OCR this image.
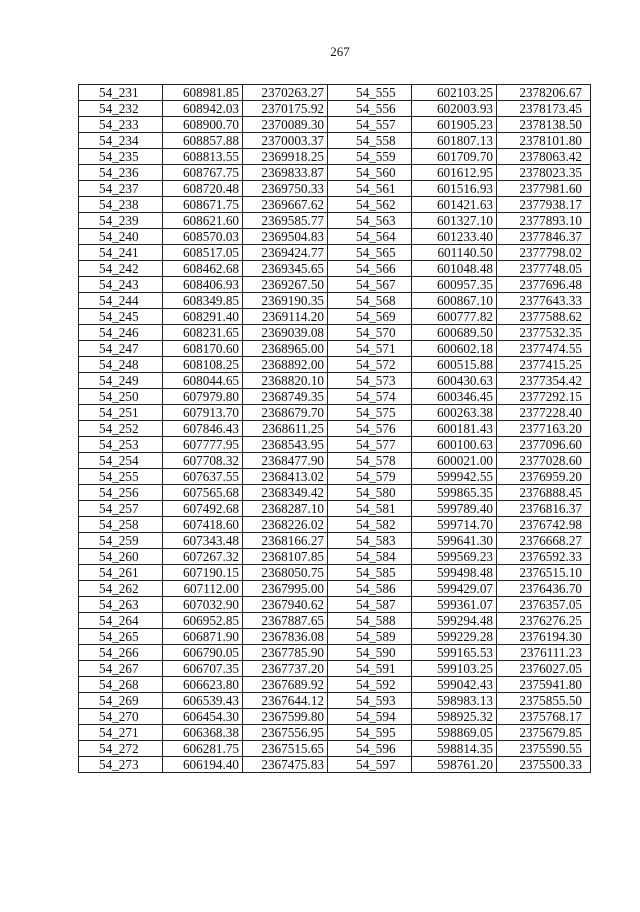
267
54_231	608981.85	2370263.27	54_555	602103.25	2378206.67
54_232	608942.03	2370175.92	54_556	602003.93	2378173.45
54_233	608900.70	2370089.30	54_557	601905.23	2378138.50
54_234	608857.88	2370003.37	54_558	601807.13	2378101.80
54_235	608813.55	2369918.25	54_559	601709.70	2378063.42
54_236	608767.75	2369833.87	54_560	601612.95	2378023.35
54_237	608720.48	2369750.33	54_561	601516.93	2377981.60
54_238	608671.75	2369667.62	54_562	601421.63	2377938.17
54_239	608621.60	2369585.77	54_563	601327.10	2377893.10
54_240	608570.03	2369504.83	54_564	601233.40	2377846.37
54_241	608517.05	2369424.77	54_565	601140.50	2377798.02
54_242	608462.68	2369345.65	54_566	601048.48	2377748.05
54_243	608406.93	2369267.50	54_567	600957.35	2377696.48
54_244	608349.85	2369190.35	54_568	600867.10	2377643.33
54_245	608291.40	2369114.20	54_569	600777.82	2377588.62
54_246	608231.65	2369039.08	54_570	600689.50	2377532.35
54_247	608170.60	2368965.00	54_571	600602.18	2377474.55
54_248	608108.25	2368892.00	54_572	600515.88	2377415.25
54_249	608044.65	2368820.10	54_573	600430.63	2377354.42
54_250	607979.80	2368749.35	54_574	600346.45	2377292.15
54_251	607913.70	2368679.70	54_575	600263.38	2377228.40
54_252	607846.43	2368611.25	54_576	600181.43	2377163.20
54_253	607777.95	2368543.95	54_577	600100.63	2377096.60
54_254	607708.32	2368477.90	54_578	600021.00	2377028.60
54_255	607637.55	2368413.02	54_579	599942.55	2376959.20
54_256	607565.68	2368349.42	54_580	599865.35	2376888.45
54_257	607492.68	2368287.10	54_581	599789.40	2376816.37
54_258	607418.60	2368226.02	54_582	599714.70	2376742.98
54_259	607343.48	2368166.27	54_583	599641.30	2376668.27
54_260	607267.32	2368107.85	54_584	599569.23	2376592.33
54_261	607190.15	2368050.75	54_585	599498.48	2376515.10
54_262	607112.00	2367995.00	54_586	599429.07	2376436.70
54_263	607032.90	2367940.62	54_587	599361.07	2376357.05
54_264	606952.85	2367887.65	54_588	599294.48	2376276.25
54_265	606871.90	2367836.08	54_589	599229.28	2376194.30
54_266	606790.05	2367785.90	54_590	599165.53	2376111.23
54_267	606707.35	2367737.20	54_591	599103.25	2376027.05
54_268	606623.80	2367689.92	54_592	599042.43	2375941.80
54_269	606539.43	2367644.12	54_593	598983.13	2375855.50
54_270	606454.30	2367599.80	54_594	598925.32	2375768.17
54_271	606368.38	2367556.95	54_595	598869.05	2375679.85
54_272	606281.75	2367515.65	54_596	598814.35	2375590.55
54_273	606194.40	2367475.83	54_597	598761.20	2375500.33
